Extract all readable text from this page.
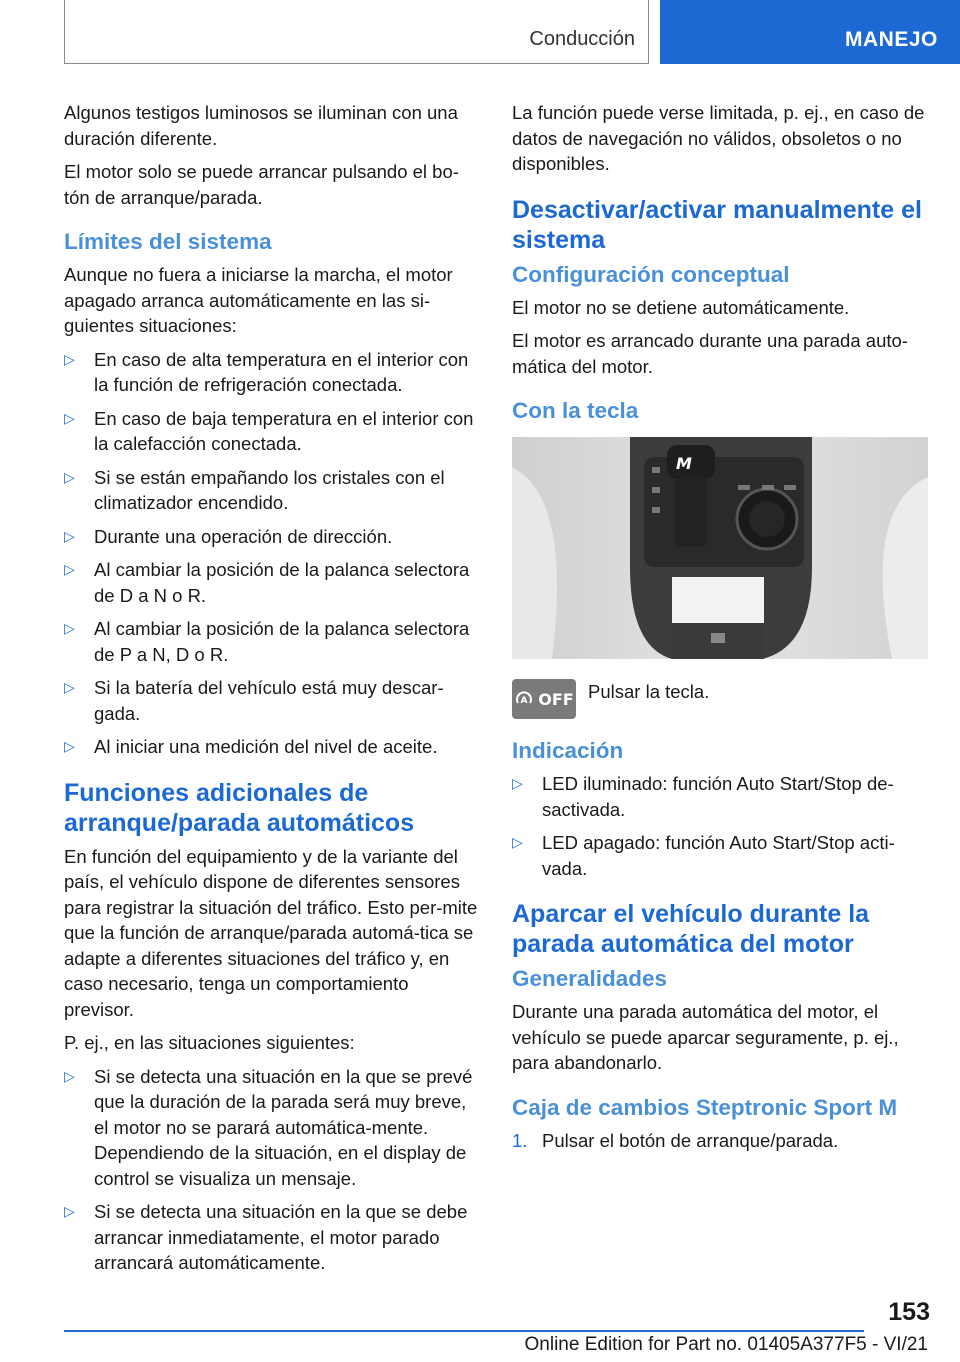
Conducción	MANEJO

Algunos testigos luminosos se iluminan con una duración diferente.

El motor solo se puede arrancar pulsando el bo-tón de arranque/parada.

Límites del sistema

Aunque no fuera a iniciarse la marcha, el motor apagado arranca automáticamente en las si-guientes situaciones:

▷ En caso de alta temperatura en el interior con la función de refrigeración conectada.
▷ En caso de baja temperatura en el interior con la calefacción conectada.
▷ Si se están empañando los cristales con el climatizador encendido.
▷ Durante una operación de dirección.
▷ Al cambiar la posición de la palanca selectora de D a N o R.
▷ Al cambiar la posición de la palanca selectora de P a N, D o R.
▷ Si la batería del vehículo está muy descar-gada.
▷ Al iniciar una medición del nivel de aceite.
Funciones adicionales de arranque/parada automáticos

En función del equipamiento y de la variante del país, el vehículo dispone de diferentes sensores para registrar la situación del tráfico. Esto per-mite que la función de arranque/parada automá-tica se adapte a diferentes situaciones del tráfico y, en caso necesario, tenga un comportamiento previsor.

P. ej., en las situaciones siguientes:

▷ Si se detecta una situación en la que se prevé que la duración de la parada será muy breve, el motor no se parará automática-mente. Dependiendo de la situación, en el display de control se visualiza un mensaje.
▷ Si se detecta una situación en la que se debe arrancar inmediatamente, el motor parado arrancará automáticamente.

La función puede verse limitada, p. ej., en caso de datos de navegación no válidos, obsoletos o no disponibles.

Desactivar/activar manualmente el sistema
Configuración conceptual

El motor no se detiene automáticamente.

El motor es arrancado durante una parada auto-mática del motor.

Con la tecla
M
A OFF Pulsar la tecla.

Indicación
▷ LED iluminado: función Auto Start/Stop de-sactivada.
▷ LED apagado: función Auto Start/Stop acti-vada.
Aparcar el vehículo durante la parada automática del motor
Generalidades

Durante una parada automática del motor, el vehículo se puede aparcar seguramente, p. ej., para abandonarlo.

Caja de cambios Steptronic Sport M
1. Pulsar el botón de arranque/parada.
153
Online Edition for Part no. 01405A377F5 - VI/21
